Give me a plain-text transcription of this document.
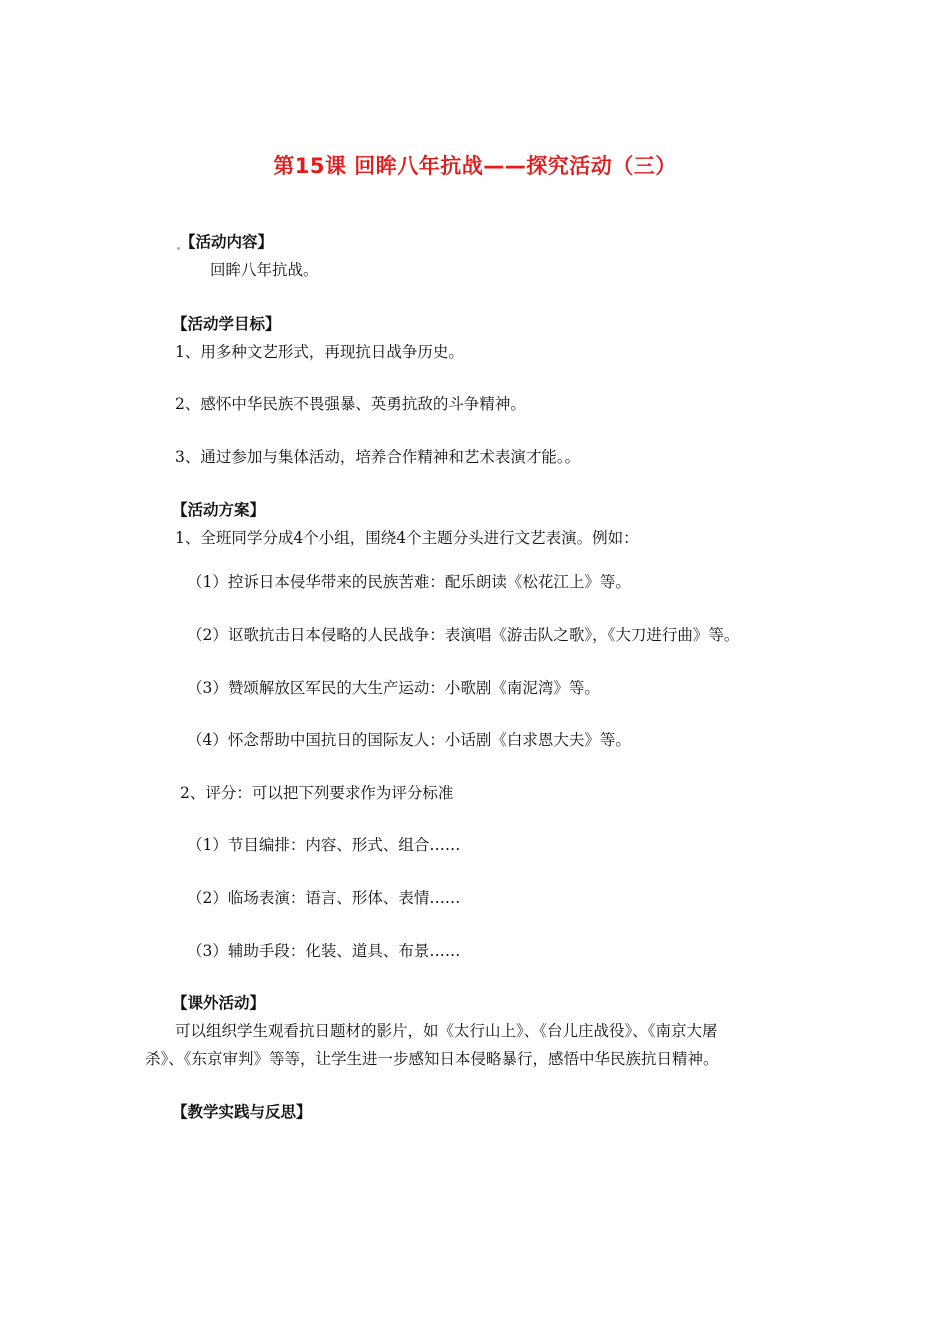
第15课 回眸八年抗战——探究活动（三）
【活动内容】
回眸八年抗战。
【活动学目标】
1、用多种文艺形式，再现抗日战争历史。
2、感怀中华民族不畏强暴、英勇抗敌的斗争精神。
3、通过参加与集体活动，培养合作精神和艺术表演才能。。
【活动方案】
1、全班同学分成4个小组，围绕4个主题分头进行文艺表演。例如：
（1）控诉日本侵华带来的民族苦难：配乐朗读《松花江上》等。
（2）讴歌抗击日本侵略的人民战争：表演唱《游击队之歌》，《大刀进行曲》等。
（3）赞颂解放区军民的大生产运动：小歌剧《南泥湾》等。
（4）怀念帮助中国抗日的国际友人：小话剧《白求恩大夫》等。
2、评分：可以把下列要求作为评分标准
（1）节目编排：内容、形式、组合……
（2）临场表演：语言、形体、表情……
（3）辅助手段：化装、道具、布景……
【课外活动】
可以组织学生观看抗日题材的影片，如《太行山上》、《台儿庄战役》、《南京大屠
杀》、《东京审判》等等，让学生进一步感知日本侵略暴行，感悟中华民族抗日精神。
【教学实践与反思】
